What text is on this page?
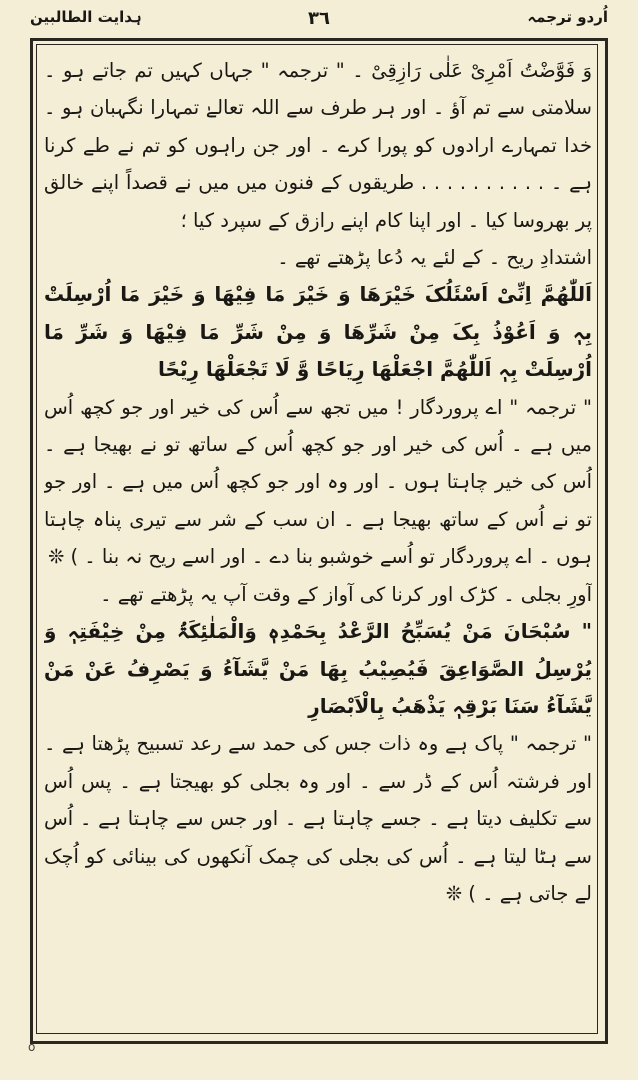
اُردو ترجمہ
٣٦
ہدایت الطالبین

وَ فَوَّضْتُ اَمْرِیْ عَلٰی رَازِقِیْ ۔ " ترجمہ " جہاں کہیں تم جاتے ہو ۔ سلامتی سے تم آؤ ۔ اور ہر طرف سے اللہ تعالےٰ تمہارا نگہبان ہو ۔ خدا تمہارے ارادوں کو پورا کرے ۔ اور جن راہوں کو تم نے طے کرنا ہے ۔ . . . . . . . . . . طریقوں کے فنون میں میں نے قصداً اپنے خالق پر بھروسا کیا ۔ اور اپنا کام اپنے رازق کے سپرد کیا ؛

اشتدادِ ریح ۔ کے لئے یہ دُعا پڑھتے تھے ۔

اَللّٰھُمَّ اِنِّیْ اَسْئَلُکَ خَیْرَھَا وَ خَیْرَ مَا فِیْھَا وَ خَیْرَ مَا اُرْسِلَتْ بِہٖ وَ اَعُوْذُ بِکَ مِنْ شَرِّھَا وَ مِنْ شَرِّ مَا فِیْھَا وَ شَرِّ مَا اُرْسِلَتْ بِہٖ اَللّٰھُمَّ اجْعَلْھَا رِیَاحًا وَّ لَا تَجْعَلْھَا رِیْحًا

" ترجمہ " اے پروردگار ! میں تجھ سے اُس کی خیر اور جو کچھ اُس میں ہے ۔ اُس کی خیر اور جو کچھ اُس کے ساتھ تو نے بھیجا ہے ۔ اُس کی خیر چاہتا ہوں ۔ اور وہ اور جو کچھ اُس میں ہے ۔ اور جو تو نے اُس کے ساتھ بھیجا ہے ۔ ان سب کے شر سے تیری پناہ چاہتا ہوں ۔ اے پروردگار تو اُسے خوشبو بنا دے ۔ اور اسے ریح نہ بنا ۔ ) ❊

آورِ بجلی ۔ کڑک اور کرنا کی آواز کے وقت آپ یہ پڑھتے تھے ۔

" سُبْحَانَ مَنْ یُسَبِّحُ الرَّعْدُ بِحَمْدِہٖ وَالْمَلٰئِکَۃُ مِنْ خِیْفَتِہٖ وَ یُرْسِلُ الصَّوَاعِقَ فَیُصِیْبُ بِھَا مَنْ یَّشَآءُ وَ یَصْرِفُ عَنْ مَنْ یَّشَآءُ سَنَا بَرْقِہٖ یَذْھَبُ بِالْاَبْصَارِ

" ترجمہ " پاک ہے وہ ذات جس کی حمد سے رعد تسبیح پڑھتا ہے ۔ اور فرشتہ اُس کے ڈر سے ۔ اور وہ بجلی کو بھیجتا ہے ۔ پس اُس سے تکلیف دیتا ہے ۔ جسے چاہتا ہے ۔ اور جس سے چاہتا ہے ۔ اُس سے ہٹا لیتا ہے ۔ اُس کی بجلی کی چمک آنکھوں کی بینائی کو اُچک لے جاتی ہے ۔ ) ❊

o
